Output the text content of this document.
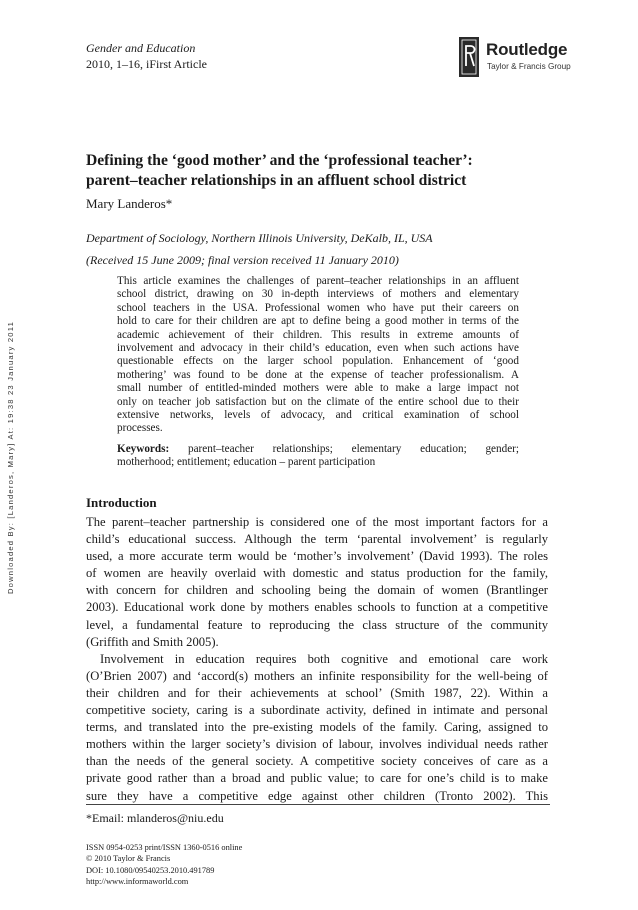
Downloaded By: [Landeros, Mary] At: 19:38 23 January 2011
Gender and Education
2010, 1–16, iFirst Article
Routledge
Taylor & Francis Group
Defining the ‘good mother’ and the ‘professional teacher’:
parent–teacher relationships in an affluent school district
Mary Landeros*
Department of Sociology, Northern Illinois University, DeKalb, IL, USA
(Received 15 June 2009; final version received 11 January 2010)
This article examines the challenges of parent–teacher relationships in an affluent
school district, drawing on 30 in-depth interviews of mothers and elementary
school teachers in the USA. Professional women who have put their careers on
hold to care for their children are apt to define being a good mother in terms of the
academic achievement of their children. This results in extreme amounts of
involvement and advocacy in their child’s education, even when such actions have
questionable effects on the larger school population. Enhancement of ‘good
mothering’ was found to be done at the expense of teacher professionalism. A
small number of entitled-minded mothers were able to make a large impact not
only on teacher job satisfaction but on the climate of the entire school due to their
extensive networks, levels of advocacy, and critical examination of school
processes.
Keywords: parent–teacher relationships; elementary education; gender;
motherhood; entitlement; education – parent participation
Introduction
The parent–teacher partnership is considered one of the most important factors for a
child’s educational success. Although the term ‘parental involvement’ is regularly
used, a more accurate term would be ‘mother’s involvement’ (David 1993). The roles
of women are heavily overlaid with domestic and status production for the family,
with concern for children and schooling being the domain of women (Brantlinger
2003). Educational work done by mothers enables schools to function at a competitive
level, a fundamental feature to reproducing the class structure of the community
(Griffith and Smith 2005).
Involvement in education requires both cognitive and emotional care work
(O’Brien 2007) and ‘accord(s) mothers an infinite responsibility for the well-being of
their children and for their achievements at school’ (Smith 1987, 22). Within a
competitive society, caring is a subordinate activity, defined in intimate and personal
terms, and translated into the pre-existing models of the family. Caring, assigned to
mothers within the larger society’s division of labour, involves individual needs rather
than the needs of the general society. A competitive society conceives of care as a
private good rather than a broad and public value; to care for one’s child is to make
sure they have a competitive edge against other children (Tronto 2002). This
*Email: mlanderos@niu.edu
ISSN 0954-0253 print/ISSN 1360-0516 online
© 2010 Taylor & Francis
DOI: 10.1080/09540253.2010.491789
http://www.informaworld.com
